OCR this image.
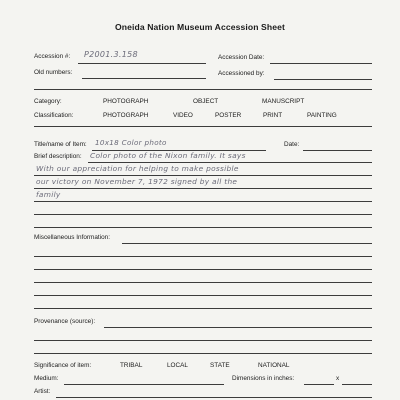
Oneida Nation Museum Accession Sheet
Accession #: P2001.3.158	Accession Date:
Old numbers:	Accessioned by:
Category:	PHOTOGRAPH	OBJECT	MANUSCRIPT
Classification:	PHOTOGRAPH	VIDEO	POSTER	PRINT	PAINTING
Title/name of Item: 10x18 Color photo	Date:
Brief description: Color photo of the Nixon family. It says
With our appreciation for helping to make possible
our victory on November 7, 1972 signed by all the
family
Miscellaneous Information:
Provenance (source):
Significance of item:	TRIBAL	LOCAL	STATE	NATIONAL
Medium:	Dimensions in inches:	x
Artist:
